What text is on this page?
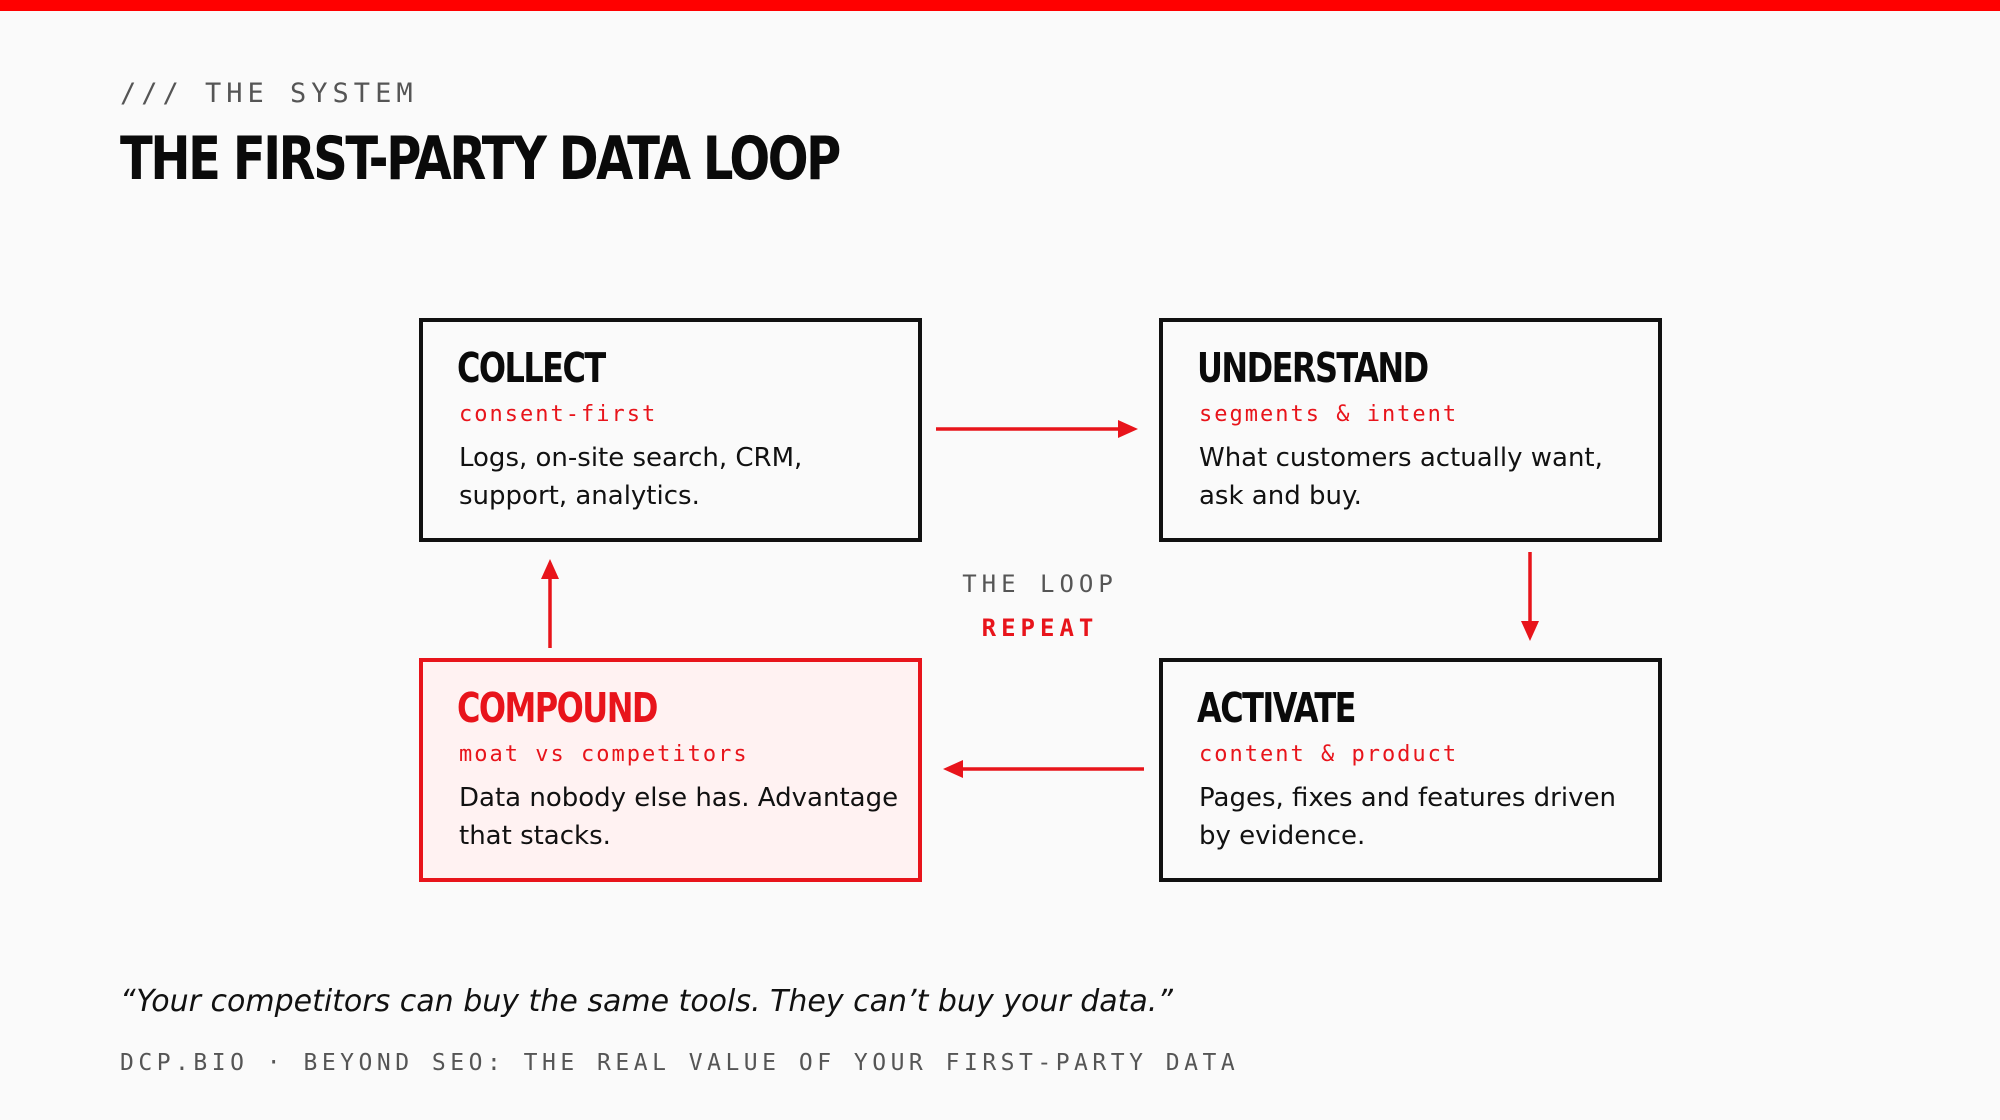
/// THE SYSTEM
THE FIRST-PARTY DATA LOOP
COLLECT
consent-first
Logs, on-site search, CRM, support, analytics.
UNDERSTAND
segments & intent
What customers actually want, ask and buy.
ACTIVATE
content & product
Pages, fixes and features driven by evidence.
COMPOUND
moat vs competitors
Data nobody else has. Advantage that stacks.
THE LOOP
REPEAT

“Your competitors can buy the same tools. They can’t buy your data.”

DCP.BIO · BEYOND SEO: THE REAL VALUE OF YOUR FIRST-PARTY DATA
